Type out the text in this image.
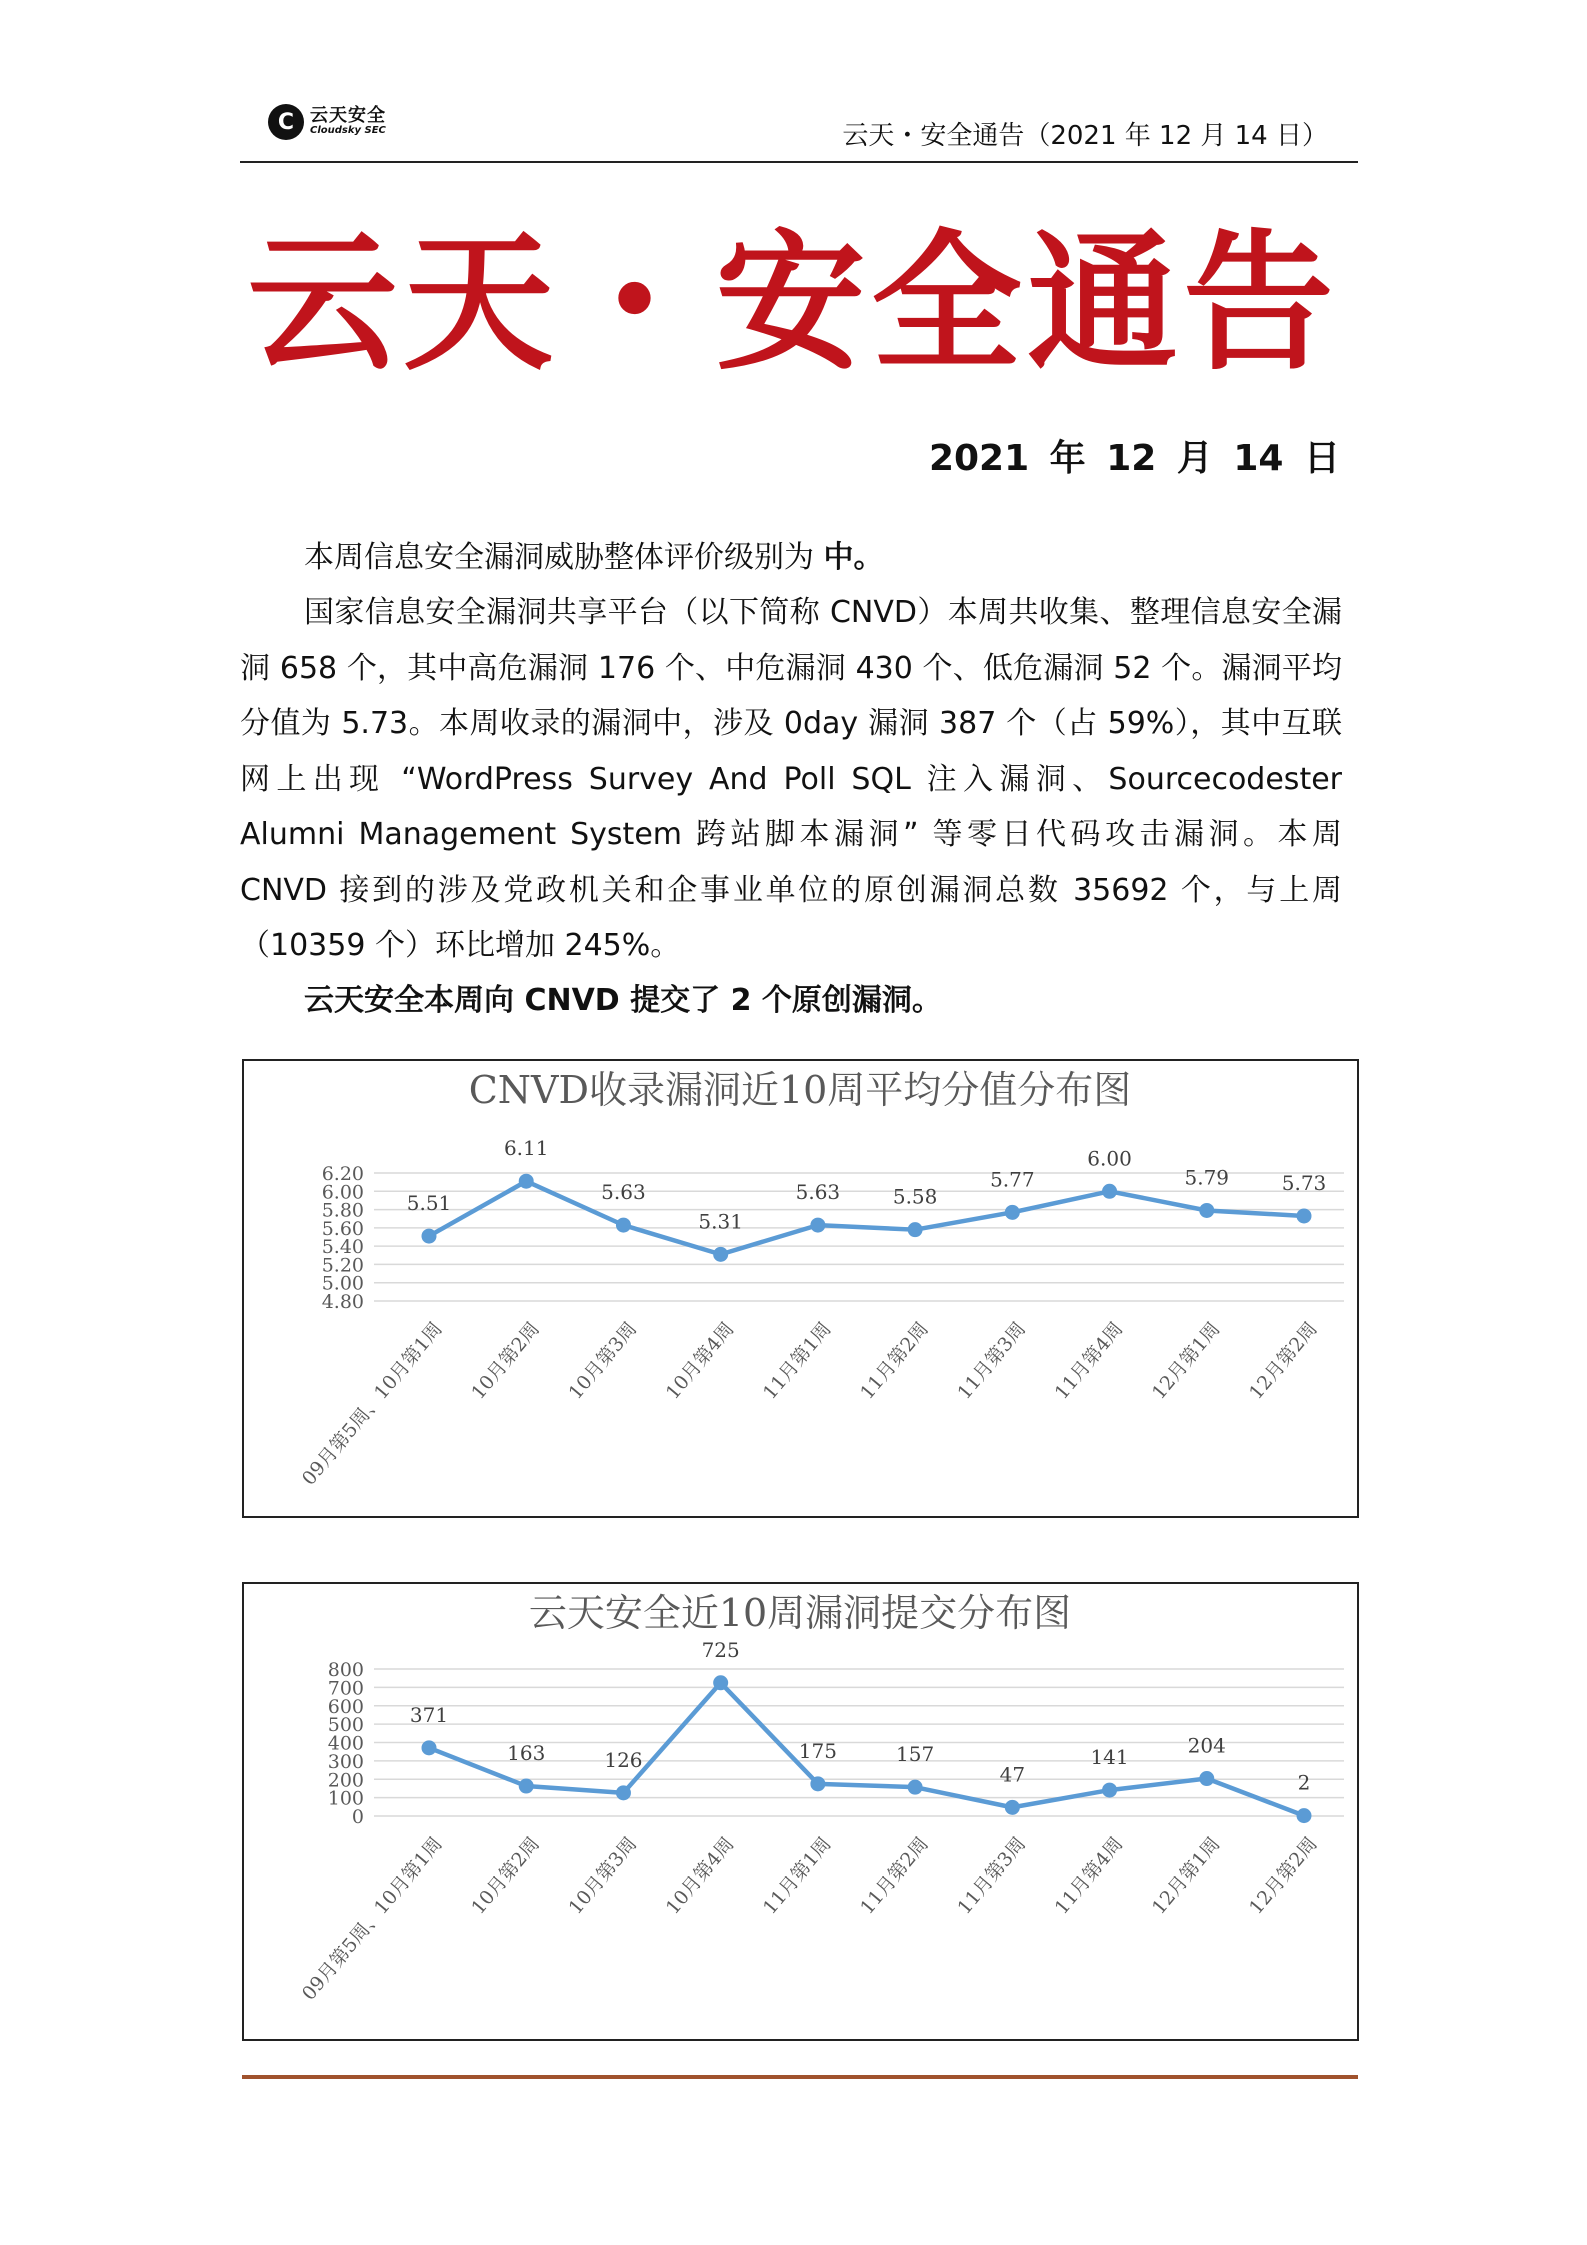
C 云天安全
Cloudsky SEC	云天・安全通告（2021 年 12 月 14 日）
云天・安全通告
2021 年 12 月 14 日
本周信息安全漏洞威胁整体评价级别为 中。
国家信息安全漏洞共享平台（以下简称 CNVD）本周共收集、整理信息安全漏洞 658 个，其中高危漏洞 176 个、中危漏洞 430 个、低危漏洞 52 个。漏洞平均分值为 5.73。本周收录的漏洞中，涉及 0day 漏洞 387 个（占 59%），其中互联网上出现 “WordPress Survey And Poll SQL 注入漏洞、Sourcecodester Alumni Management System 跨站脚本漏洞” 等零日代码攻击漏洞。本周 CNVD 接到的涉及党政机关和企事业单位的原创漏洞总数 35692 个，与上周（10359 个）环比增加 245%。
云天安全本周向 CNVD 提交了 2 个原创漏洞。
CNVD收录漏洞近10周平均分值分布图
4.80
5.00
5.20
5.40
5.60
5.80
6.00
6.20
5.51
09月第5周、10月第1周
6.11
10月第2周
5.63
10月第3周
5.31
10月第4周
5.63
11月第1周
5.58
11月第2周
5.77
11月第3周
6.00
11月第4周
5.79
12月第1周
5.73
12月第2周
云天安全近10周漏洞提交分布图
0
100
200
300
400
500
600
700
800
371
09月第5周、10月第1周
163
10月第2周
126
10月第3周
725
10月第4周
175
11月第1周
157
11月第2周
47
11月第3周
141
11月第4周
204
12月第1周
2
12月第2周
